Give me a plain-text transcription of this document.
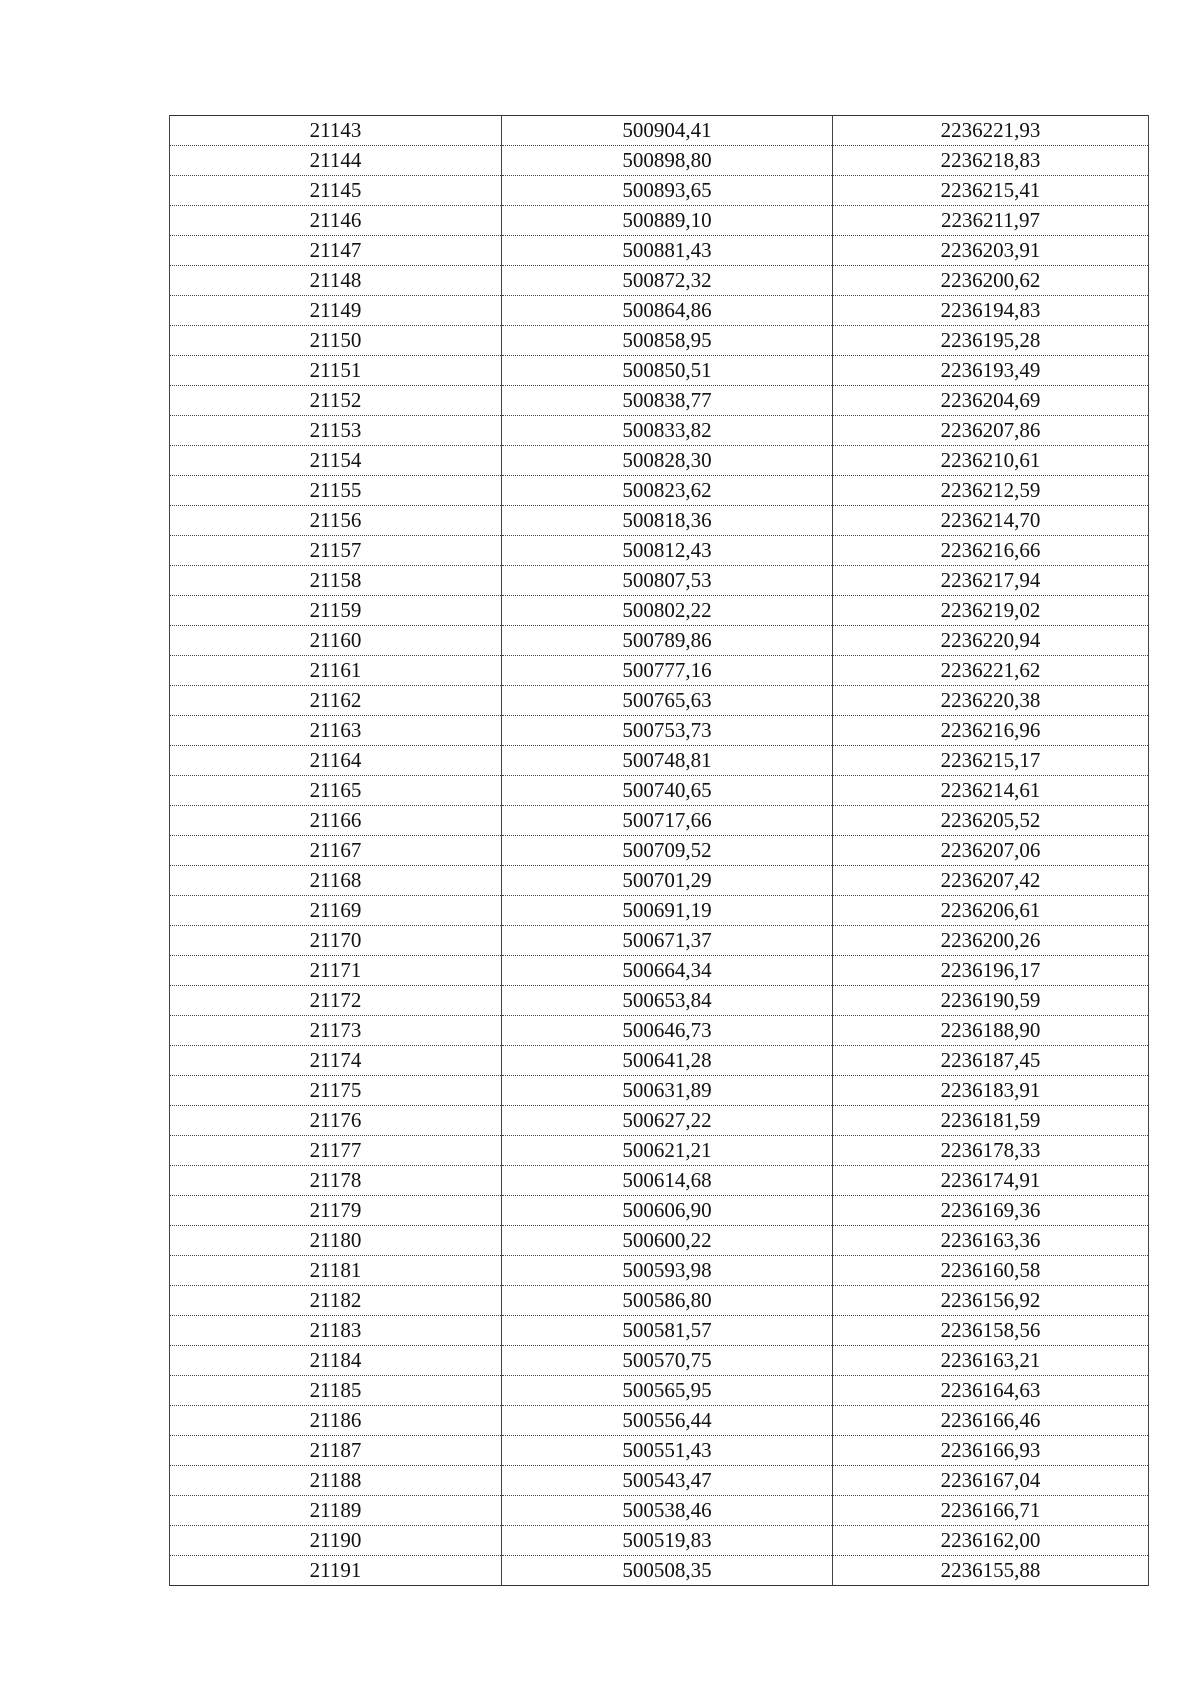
21143	500904,41	2236221,93
21144	500898,80	2236218,83
21145	500893,65	2236215,41
21146	500889,10	2236211,97
21147	500881,43	2236203,91
21148	500872,32	2236200,62
21149	500864,86	2236194,83
21150	500858,95	2236195,28
21151	500850,51	2236193,49
21152	500838,77	2236204,69
21153	500833,82	2236207,86
21154	500828,30	2236210,61
21155	500823,62	2236212,59
21156	500818,36	2236214,70
21157	500812,43	2236216,66
21158	500807,53	2236217,94
21159	500802,22	2236219,02
21160	500789,86	2236220,94
21161	500777,16	2236221,62
21162	500765,63	2236220,38
21163	500753,73	2236216,96
21164	500748,81	2236215,17
21165	500740,65	2236214,61
21166	500717,66	2236205,52
21167	500709,52	2236207,06
21168	500701,29	2236207,42
21169	500691,19	2236206,61
21170	500671,37	2236200,26
21171	500664,34	2236196,17
21172	500653,84	2236190,59
21173	500646,73	2236188,90
21174	500641,28	2236187,45
21175	500631,89	2236183,91
21176	500627,22	2236181,59
21177	500621,21	2236178,33
21178	500614,68	2236174,91
21179	500606,90	2236169,36
21180	500600,22	2236163,36
21181	500593,98	2236160,58
21182	500586,80	2236156,92
21183	500581,57	2236158,56
21184	500570,75	2236163,21
21185	500565,95	2236164,63
21186	500556,44	2236166,46
21187	500551,43	2236166,93
21188	500543,47	2236167,04
21189	500538,46	2236166,71
21190	500519,83	2236162,00
21191	500508,35	2236155,88
